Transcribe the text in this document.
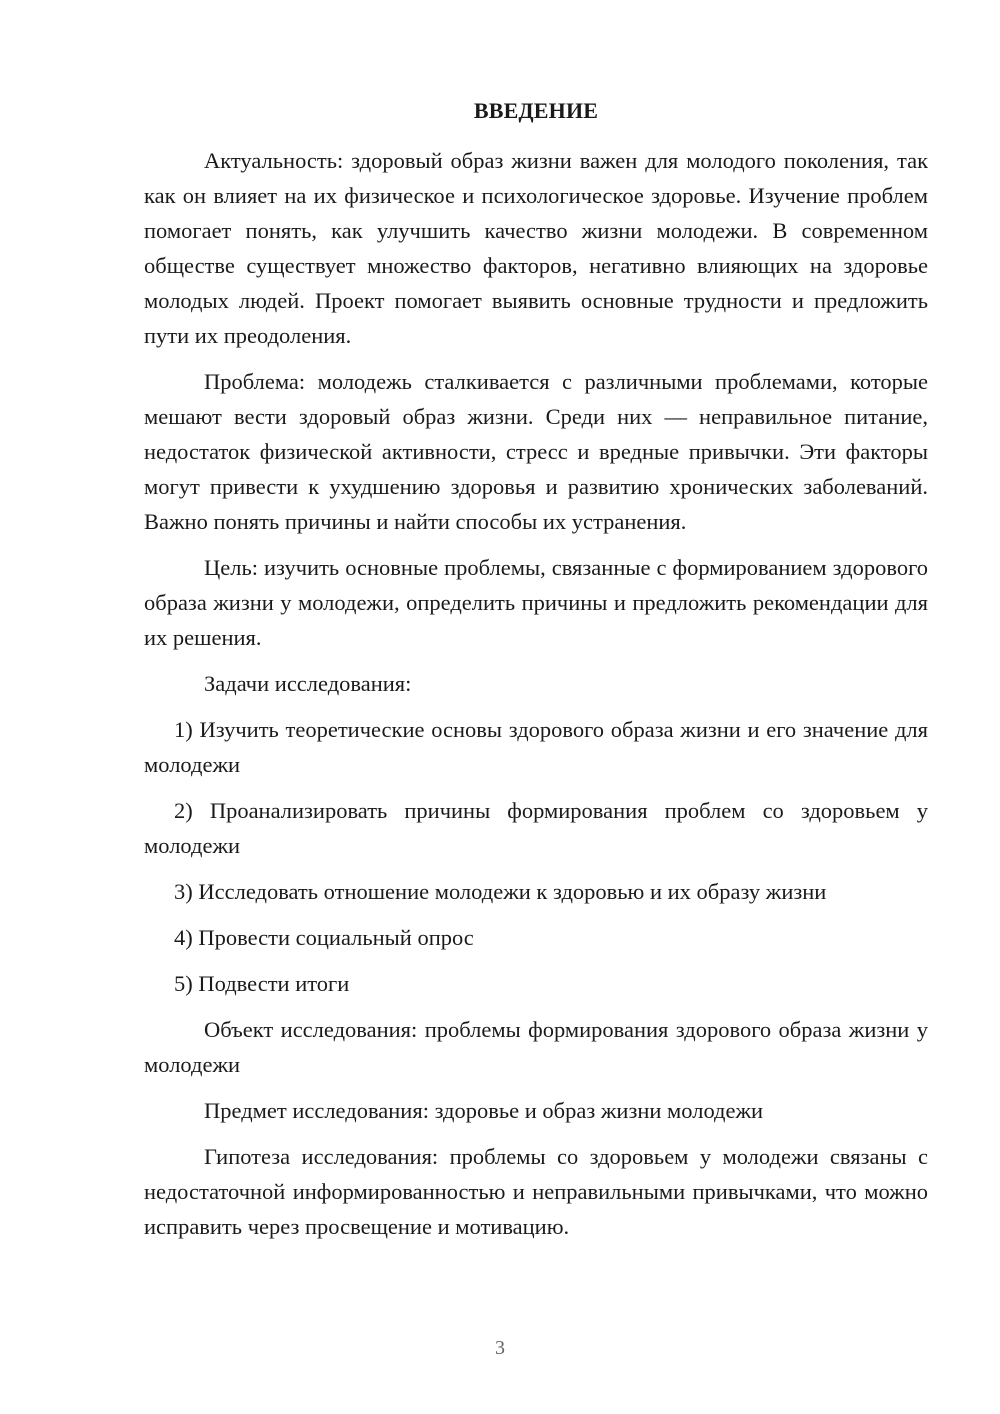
ВВЕДЕНИЕ

Актуальность: здоровый образ жизни важен для молодого поколения, так как он влияет на их физическое и психологическое здоровье. Изучение проблем помогает понять, как улучшить качество жизни молодежи. В современном обществе существует множество факторов, негативно влияющих на здоровье молодых людей. Проект помогает выявить основные трудности и предложить пути их преодоления.

Проблема: молодежь сталкивается с различными проблемами, которые мешают вести здоровый образ жизни. Среди них — неправильное питание, недостаток физической активности, стресс и вредные привычки. Эти факторы могут привести к ухудшению здоровья и развитию хронических заболеваний. Важно понять причины и найти способы их устранения.

Цель: изучить основные проблемы, связанные с формированием здорового образа жизни у молодежи, определить причины и предложить рекомендации для их решения.

Задачи исследования:

1) Изучить теоретические основы здорового образа жизни и его значение для молодежи

2) Проанализировать причины формирования проблем со здоровьем у молодежи

3) Исследовать отношение молодежи к здоровью и их образу жизни

4) Провести социальный опрос

5) Подвести итоги

Объект исследования: проблемы формирования здорового образа жизни у молодежи

Предмет исследования: здоровье и образ жизни молодежи

Гипотеза исследования: проблемы со здоровьем у молодежи связаны с недостаточной информированностью и неправильными привычками, что можно исправить через просвещение и мотивацию.

3
